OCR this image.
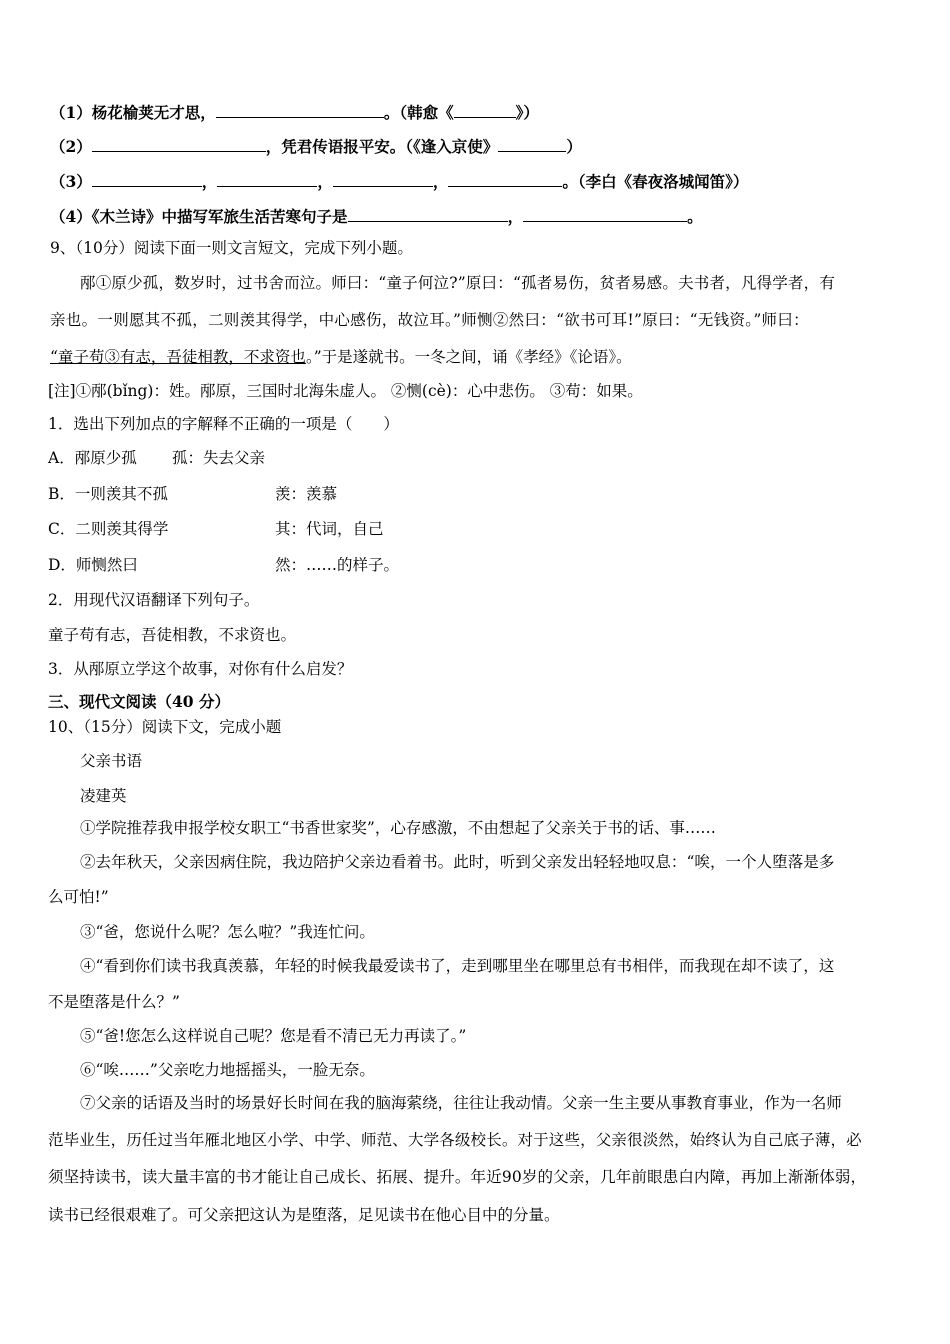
（1）杨花榆荚无才思，	。（韩愈《	》）
（2）	，凭君传语报平安。（《逢入京使》	）
（3）	，	，	，	。（李白《春夜洛城闻笛》）
（4）《木兰诗》中描写军旅生活苦寒句子是	，	。
9、（10分）阅读下面一则文言短文，完成下列小题。
邴①原少孤，数岁时，过书舍而泣。师曰：“童子何泣?”原曰：“孤者易伤，贫者易感。夫书者，凡得学者，有
亲也。一则愿其不孤，二则羡其得学，中心感伤，故泣耳。”师恻②然曰：“欲书可耳!”原曰：“无钱资。”师曰：
“童子苟③有志，吾徒相教，不求资也。”于是遂就书。一冬之间，诵《孝经》《论语》。
[注]①邴(bǐng)：姓。邴原，三国时北海朱虚人。 ②恻(cè)：心中悲伤。 ③苟：如果。
1．选出下列加点的字解释不正确的一项是（　　）
A．邴原少孤 孤：失去父亲
B．一则羡其不孤	羡：羡慕
C．二则羡其得学	其：代词，自己
D．师恻然曰	然：……的样子。
2．用现代汉语翻译下列句子。
童子苟有志，吾徒相教，不求资也。
3．从邴原立学这个故事，对你有什么启发？
三、现代文阅读（40 分）
10、（15分）阅读下文，完成小题
父亲书语
凌建英
①学院推荐我申报学校女职工“书香世家奖”，心存感激，不由想起了父亲关于书的话、事……
②去年秋天，父亲因病住院，我边陪护父亲边看着书。此时，听到父亲发出轻轻地叹息：“唉，一个人堕落是多
么可怕!”
③“爸，您说什么呢？怎么啦？”我连忙问。
④“看到你们读书我真羡慕，年轻的时候我最爱读书了，走到哪里坐在哪里总有书相伴，而我现在却不读了，这
不是堕落是什么？”
⑤“爸!您怎么这样说自己呢？您是看不清已无力再读了。”
⑥“唉……”父亲吃力地摇摇头，一脸无奈。
⑦父亲的话语及当时的场景好长时间在我的脑海萦绕，往往让我动情。父亲一生主要从事教育事业，作为一名师
范毕业生，历任过当年雁北地区小学、中学、师范、大学各级校长。对于这些，父亲很淡然，始终认为自己底子薄，必
须坚持读书，读大量丰富的书才能让自己成长、拓展、提升。年近90岁的父亲，几年前眼患白内障，再加上渐渐体弱，
读书已经很艰难了。可父亲把这认为是堕落，足见读书在他心目中的分量。
